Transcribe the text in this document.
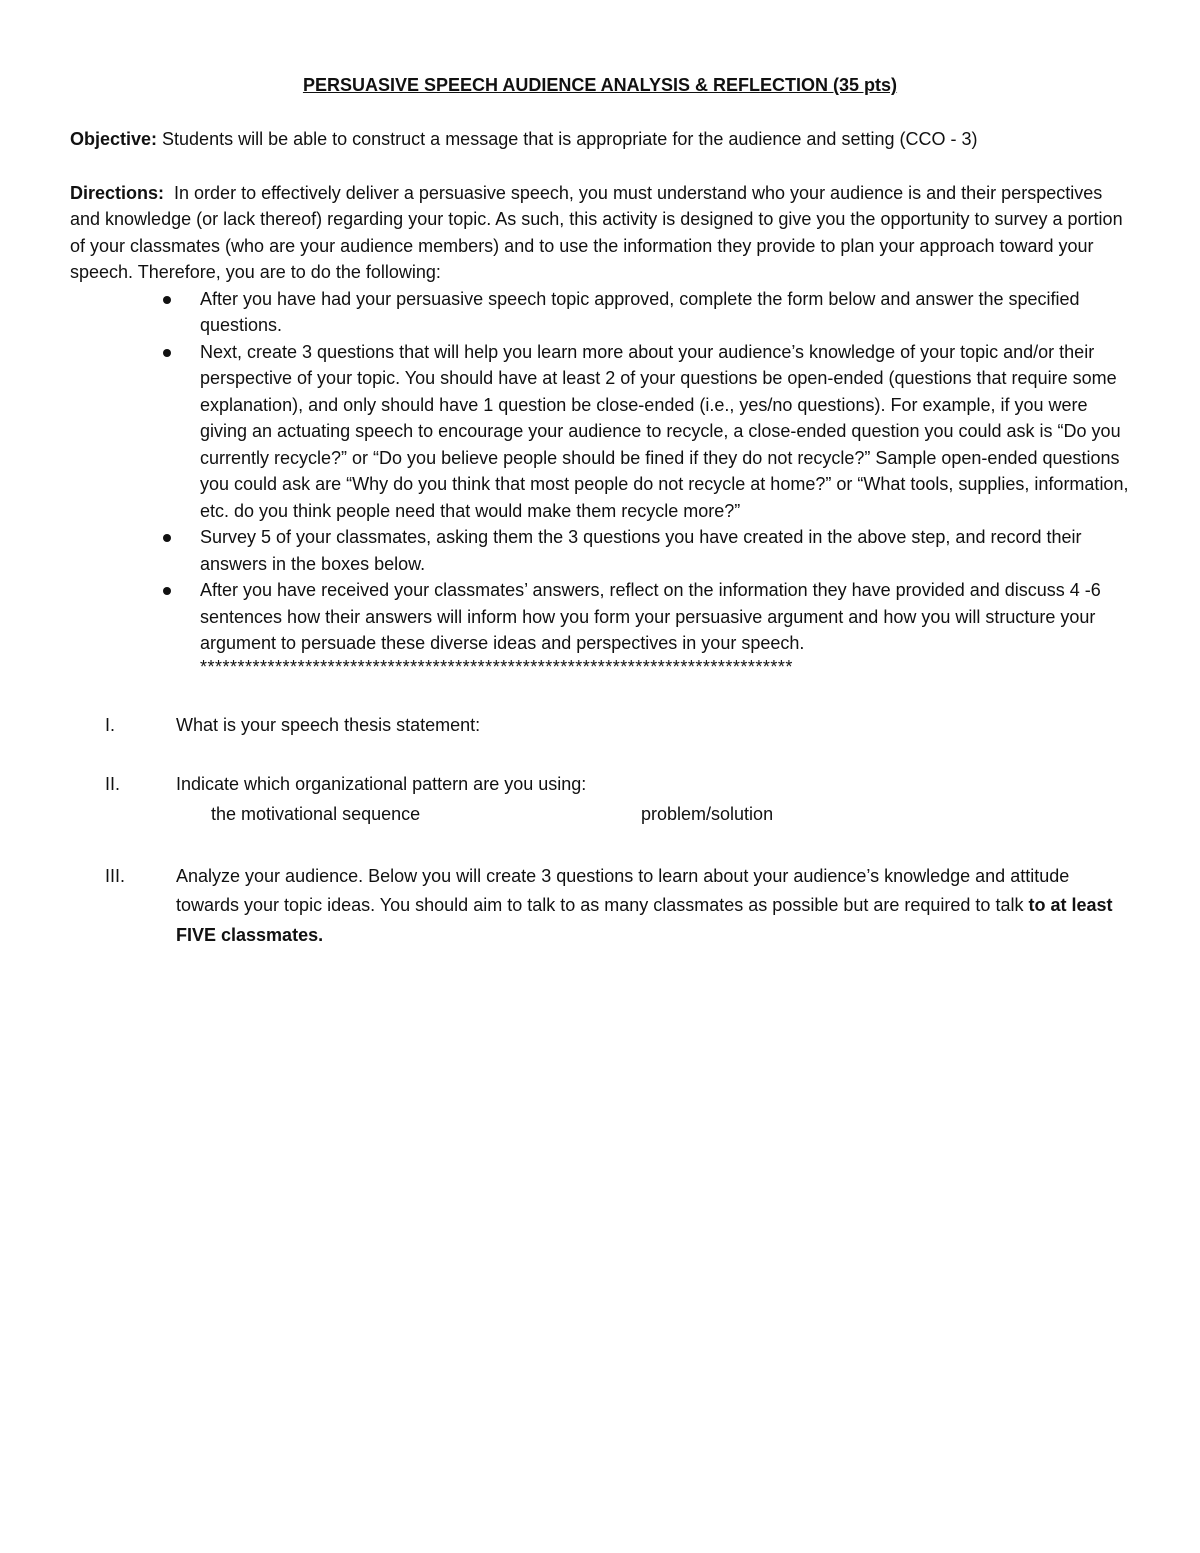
PERSUASIVE SPEECH AUDIENCE ANALYSIS & REFLECTION (35 pts)

Objective: Students will be able to construct a message that is appropriate for the audience and setting (CCO - 3)

Directions:  In order to effectively deliver a persuasive speech, you must understand who your audience is and their perspectives and knowledge (or lack thereof) regarding your topic. As such, this activity is designed to give you the opportunity to survey a portion of your classmates (who are your audience members) and to use the information they provide to plan your approach toward your speech. Therefore, you are to do the following:

After you have had your persuasive speech topic approved, complete the form below and answer the specified questions.
Next, create 3 questions that will help you learn more about your audience’s knowledge of your topic and/or their perspective of your topic. You should have at least 2 of your questions be open-ended (questions that require some explanation), and only should have 1 question be close-ended (i.e., yes/no questions). For example, if you were giving an actuating speech to encourage your audience to recycle, a close-ended question you could ask is “Do you currently recycle?” or “Do you believe people should be fined if they do not recycle?” Sample open-ended questions you could ask are “Why do you think that most people do not recycle at home?” or “What tools, supplies, information, etc. do you think people need that would make them recycle more?”
Survey 5 of your classmates, asking them the 3 questions you have created in the above step, and record their answers in the boxes below.
After you have received your classmates’ answers, reflect on the information they have provided and discuss 4 -6 sentences how their answers will inform how you form your persuasive argument and how you will structure your argument to persuade these diverse ideas and perspectives in your speech.
*******************************************************************************
I.	What is your speech thesis statement:
II.	Indicate which organizational pattern are you using:
the motivational sequence	problem/solution
III.	Analyze your audience. Below you will create 3 questions to learn about your audience’s knowledge and attitude towards your topic ideas. You should aim to talk to as many classmates as possible but are required to talk to at least FIVE classmates.
